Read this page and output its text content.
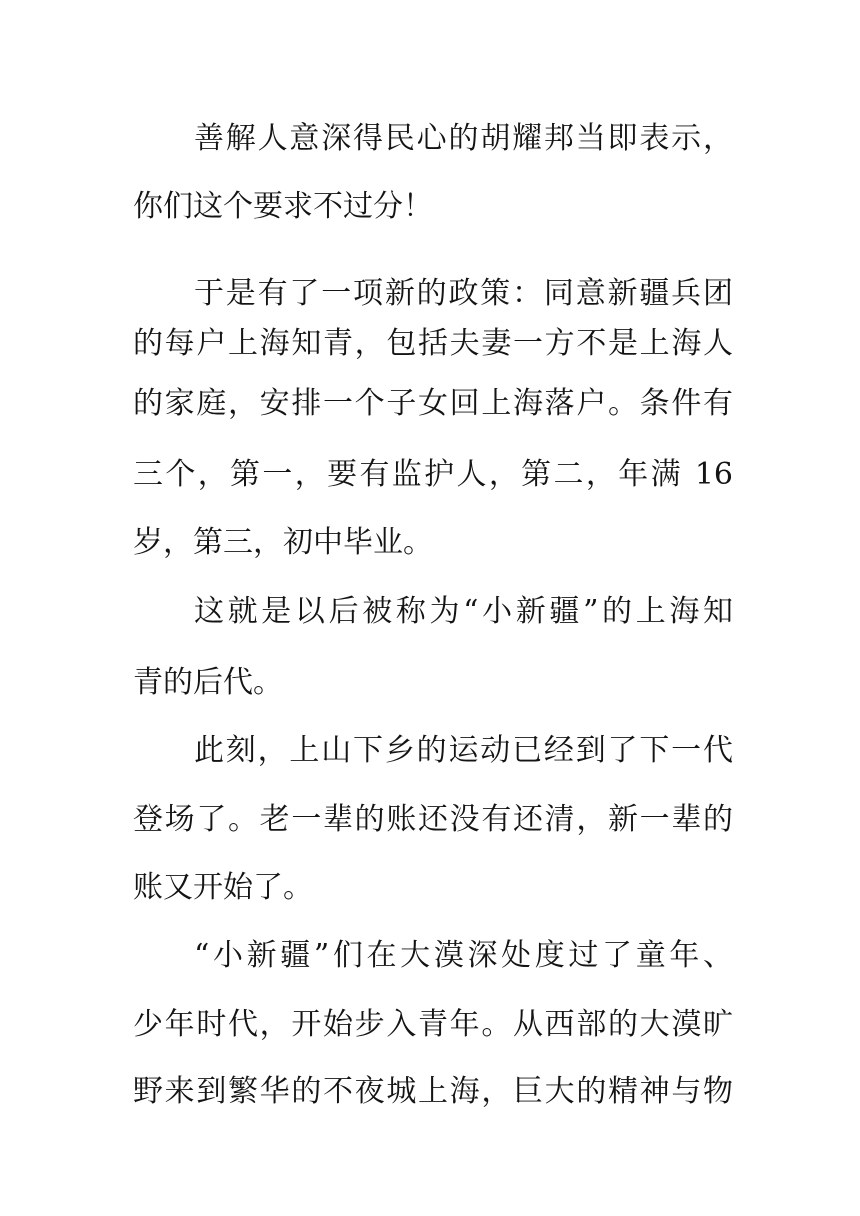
善解人意深得民心的胡耀邦当即表示，
你们这个要求不过分！
于是有了一项新的政策：同意新疆兵团
的每户上海知青，包括夫妻一方不是上海人
的家庭，安排一个子女回上海落户。条件有
三个，第一，要有监护人，第二，年满 16
岁，第三，初中毕业。
这就是以后被称为“小新疆”的上海知
青的后代。
此刻，上山下乡的运动已经到了下一代
登场了。老一辈的账还没有还清，新一辈的
账又开始了。
“小新疆”们在大漠深处度过了童年、
少年时代，开始步入青年。从西部的大漠旷
野来到繁华的不夜城上海，巨大的精神与物
